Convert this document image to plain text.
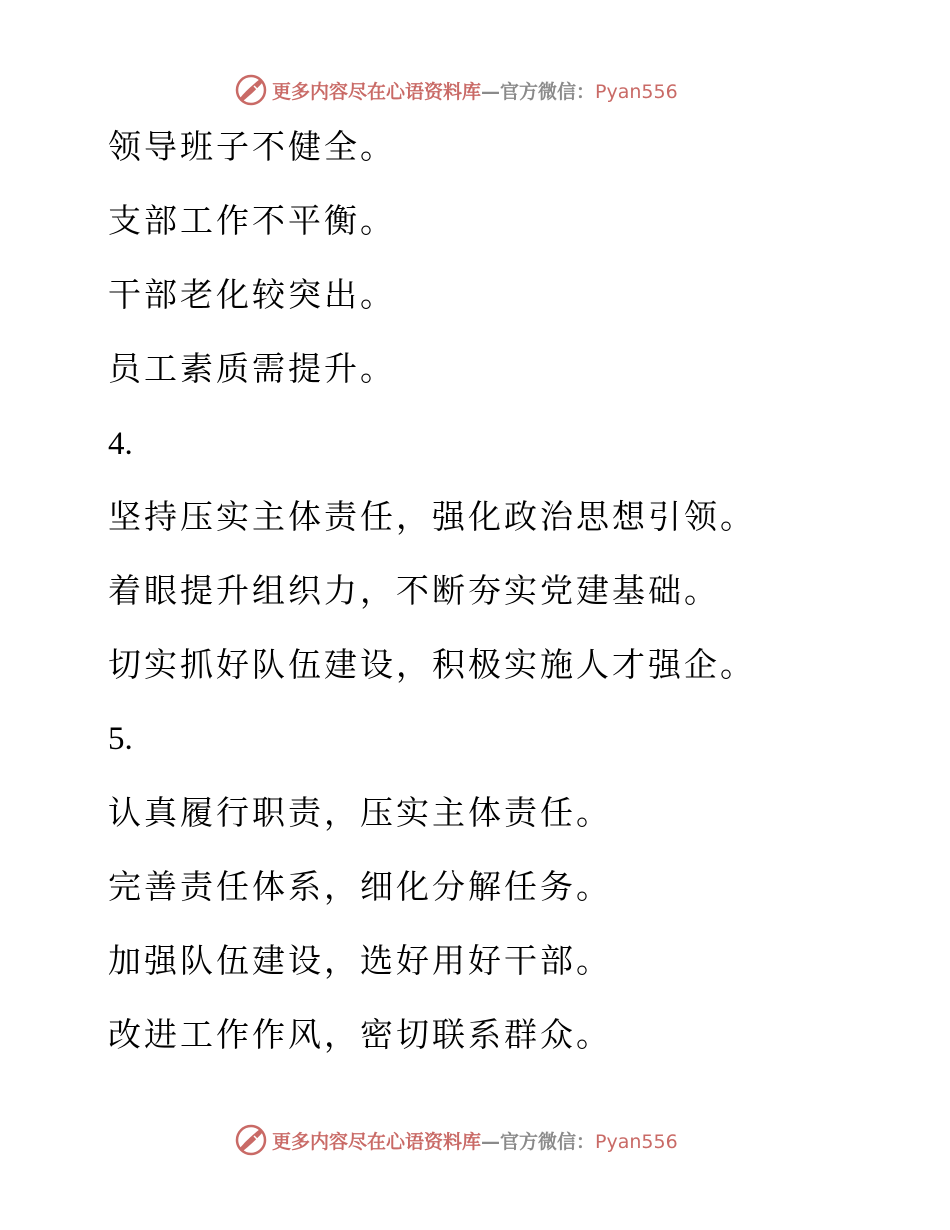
更多内容尽在心语资料库—官方微信：Pyan556

领导班子不健全。

支部工作不平衡。

干部老化较突出。

员工素质需提升。

4.

坚持压实主体责任，强化政治思想引领。

着眼提升组织力，不断夯实党建基础。

切实抓好队伍建设，积极实施人才强企。

5.

认真履行职责，压实主体责任。

完善责任体系，细化分解任务。

加强队伍建设，选好用好干部。

改进工作作风，密切联系群众。

更多内容尽在心语资料库—官方微信：Pyan556
